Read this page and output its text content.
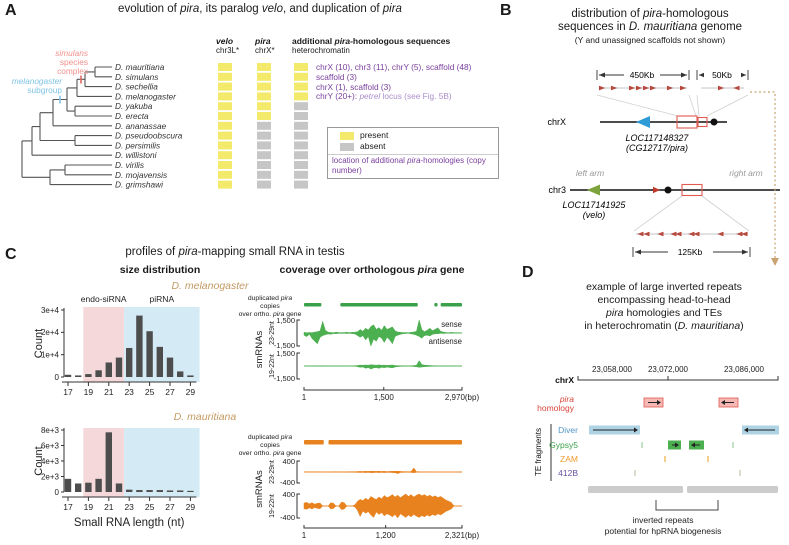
A	evolution of pira, its paralog velo, and duplication of pira
simulans
species
complex
melanogaster
subgroup
D. mauritiana
D. simulans
D. sechellia
D. melanogaster
D. yakuba
D. erecta
D. ananassae
D. pseudoobscura
D. persimilis
D. willistoni
D. virilis
D. mojavensis
D. grimshawi
velo
chr3L*
pira
chrX*
additional pira-homologous sequences
heterochromatin
chrX (10), chr3 (11), chrY (5), scaffold (48)
scaffold (3)
chrX (1), scaffold (3)
chrY (20+): petrel locus (see Fig. 5B)
present
absent
location of additional pira-homologies (copy number)
B	distribution of pira-homologous
sequences in D. mauritiana genome
(Y and unassigned scaffolds not shown)
450Kb	50Kb
chrX
LOC117148327
(CG12717/pira)
left arm	right arm
chr3
LOC117141925
(velo)
125Kb
C	profiles of pira-mapping small RNA in testis
size distribution	coverage over orthologous pira gene
D. melanogaster
D. mauritiana
duplicated pira copies
over ortho. pira gene
duplicated pira copies
over ortho. pira gene
endo-siRNA	piRNA
0
1e+4
2e+4
3e+4
17 19 21 23 25 27 29
Count
0
2e+3
4e+3
6e+3
8e+3
17 19 21 23 25 27 29
Count
Small RNA length (nt)
1,500
-1,500
23-29nt
1,500
-1,500
19-22nt
smRNAs
sense
antisense
1	1,500	2,970(bp)
400
-400
23-29nt
400
-400
19-22nt
smRNAs
1	1,200	2,321(bp)
D
example of large inverted repeats
encompassing head-to-head
pira homologies and TEs
in heterochromatin (D. mauritiana)
23,058,000 23,072,000	23,086,000
chrX
pira
homology
TE fragments Diver
Gypsy5
ZAM
412B
inverted repeats
potential for hpRNA biogenesis
